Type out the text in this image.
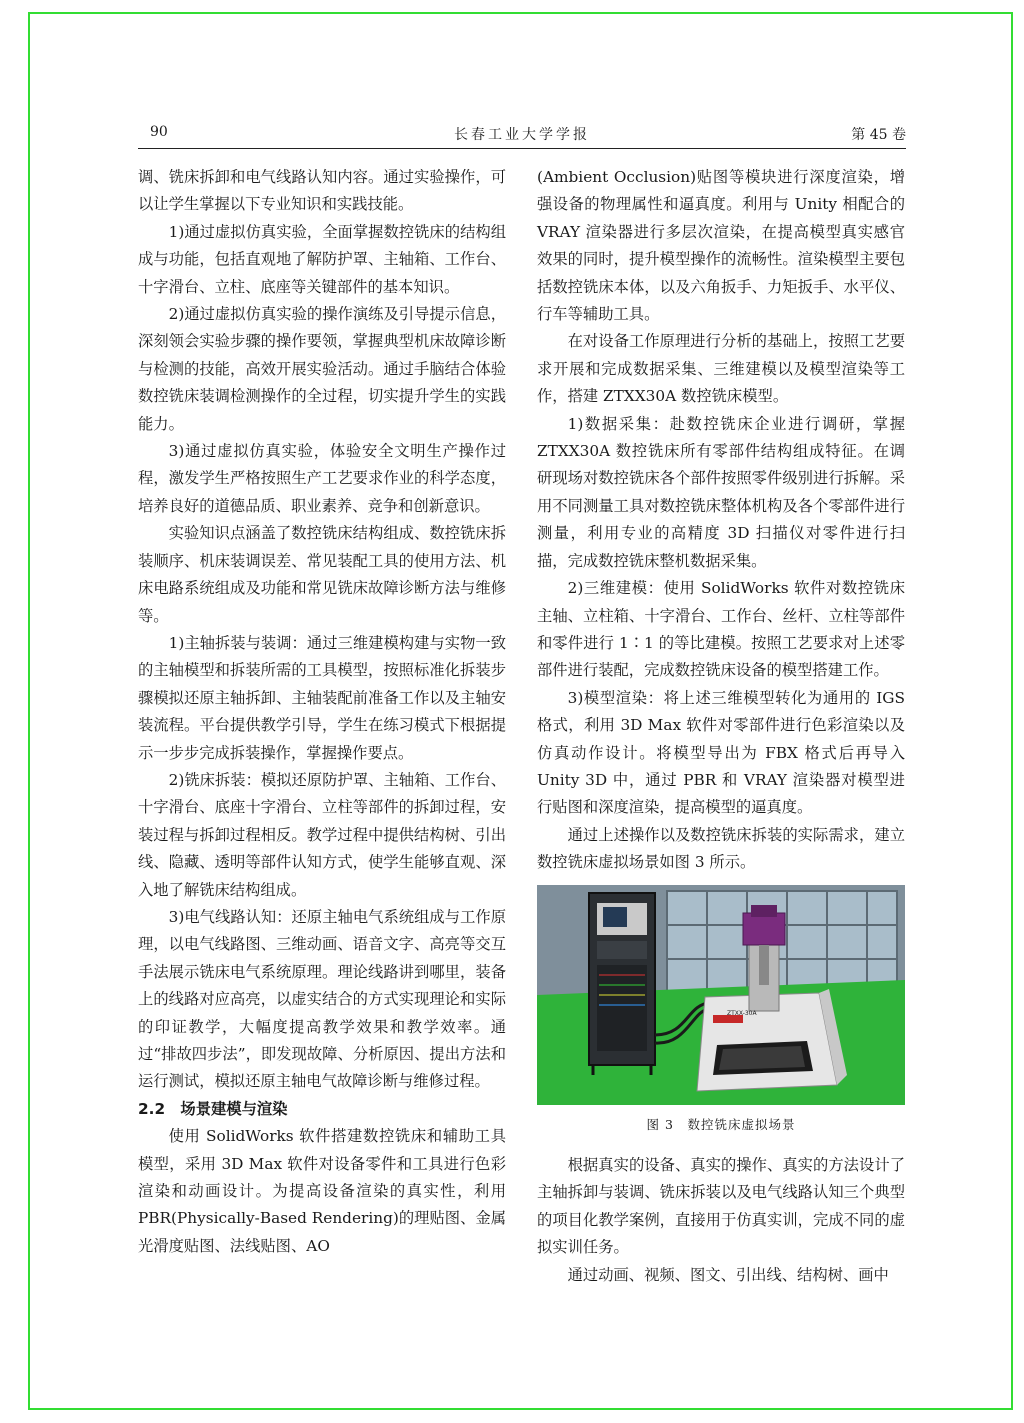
90	长春工业大学学报	第 45 卷

调、铣床拆卸和电气线路认知内容。通过实验操作，可以让学生掌握以下专业知识和实践技能。

1)通过虚拟仿真实验，全面掌握数控铣床的结构组成与功能，包括直观地了解防护罩、主轴箱、工作台、十字滑台、立柱、底座等关键部件的基本知识。

2)通过虚拟仿真实验的操作演练及引导提示信息，深刻领会实验步骤的操作要领，掌握典型机床故障诊断与检测的技能，高效开展实验活动。通过手脑结合体验数控铣床装调检测操作的全过程，切实提升学生的实践能力。

3)通过虚拟仿真实验，体验安全文明生产操作过程，激发学生严格按照生产工艺要求作业的科学态度，培养良好的道德品质、职业素养、竞争和创新意识。

实验知识点涵盖了数控铣床结构组成、数控铣床拆装顺序、机床装调误差、常见装配工具的使用方法、机床电路系统组成及功能和常见铣床故障诊断方法与维修等。

1)主轴拆装与装调：通过三维建模构建与实物一致的主轴模型和拆装所需的工具模型，按照标准化拆装步骤模拟还原主轴拆卸、主轴装配前准备工作以及主轴安装流程。平台提供教学引导，学生在练习模式下根据提示一步步完成拆装操作，掌握操作要点。

2)铣床拆装：模拟还原防护罩、主轴箱、工作台、十字滑台、底座十字滑台、立柱等部件的拆卸过程，安装过程与拆卸过程相反。教学过程中提供结构树、引出线、隐藏、透明等部件认知方式，使学生能够直观、深入地了解铣床结构组成。

3)电气线路认知：还原主轴电气系统组成与工作原理，以电气线路图、三维动画、语音文字、高亮等交互手法展示铣床电气系统原理。理论线路讲到哪里，装备上的线路对应高亮，以虚实结合的方式实现理论和实际的印证教学，大幅度提高教学效果和教学效率。通过“排故四步法”，即发现故障、分析原因、提出方法和运行测试，模拟还原主轴电气故障诊断与维修过程。

2.2　场景建模与渲染

使用 SolidWorks 软件搭建数控铣床和辅助工具模型，采用 3D Max 软件对设备零件和工具进行色彩渲染和动画设计。为提高设备渲染的真实性，利用 PBR(Physically-Based Rendering)的理贴图、金属光滑度贴图、法线贴图、AO

(Ambient Occlusion)贴图等模块进行深度渲染，增强设备的物理属性和逼真度。利用与 Unity 相配合的 VRAY 渲染器进行多层次渲染，在提高模型真实感官效果的同时，提升模型操作的流畅性。渲染模型主要包括数控铣床本体，以及六角扳手、力矩扳手、水平仪、行车等辅助工具。

在对设备工作原理进行分析的基础上，按照工艺要求开展和完成数据采集、三维建模以及模型渲染等工作，搭建 ZTXX30A 数控铣床模型。

1)数据采集：赴数控铣床企业进行调研，掌握 ZTXX30A 数控铣床所有零部件结构组成特征。在调研现场对数控铣床各个部件按照零件级别进行拆解。采用不同测量工具对数控铣床整体机构及各个零部件进行测量，利用专业的高精度 3D 扫描仪对零件进行扫描，完成数控铣床整机数据采集。

2)三维建模：使用 SolidWorks 软件对数控铣床主轴、立柱箱、十字滑台、工作台、丝杆、立柱等部件和零件进行 1∶1 的等比建模。按照工艺要求对上述零部件进行装配，完成数控铣床设备的模型搭建工作。

3)模型渲染：将上述三维模型转化为通用的 IGS 格式，利用 3D Max 软件对零部件进行色彩渲染以及仿真动作设计。将模型导出为 FBX 格式后再导入 Unity 3D 中，通过 PBR 和 VRAY 渲染器对模型进行贴图和深度渲染，提高模型的逼真度。

通过上述操作以及数控铣床拆装的实际需求，建立数控铣床虚拟场景如图 3 所示。

ZTXX-30A
图 3　数控铣床虚拟场景

根据真实的设备、真实的操作、真实的方法设计了主轴拆卸与装调、铣床拆装以及电气线路认知三个典型的项目化教学案例，直接用于仿真实训，完成不同的虚拟实训任务。

通过动画、视频、图文、引出线、结构树、画中
